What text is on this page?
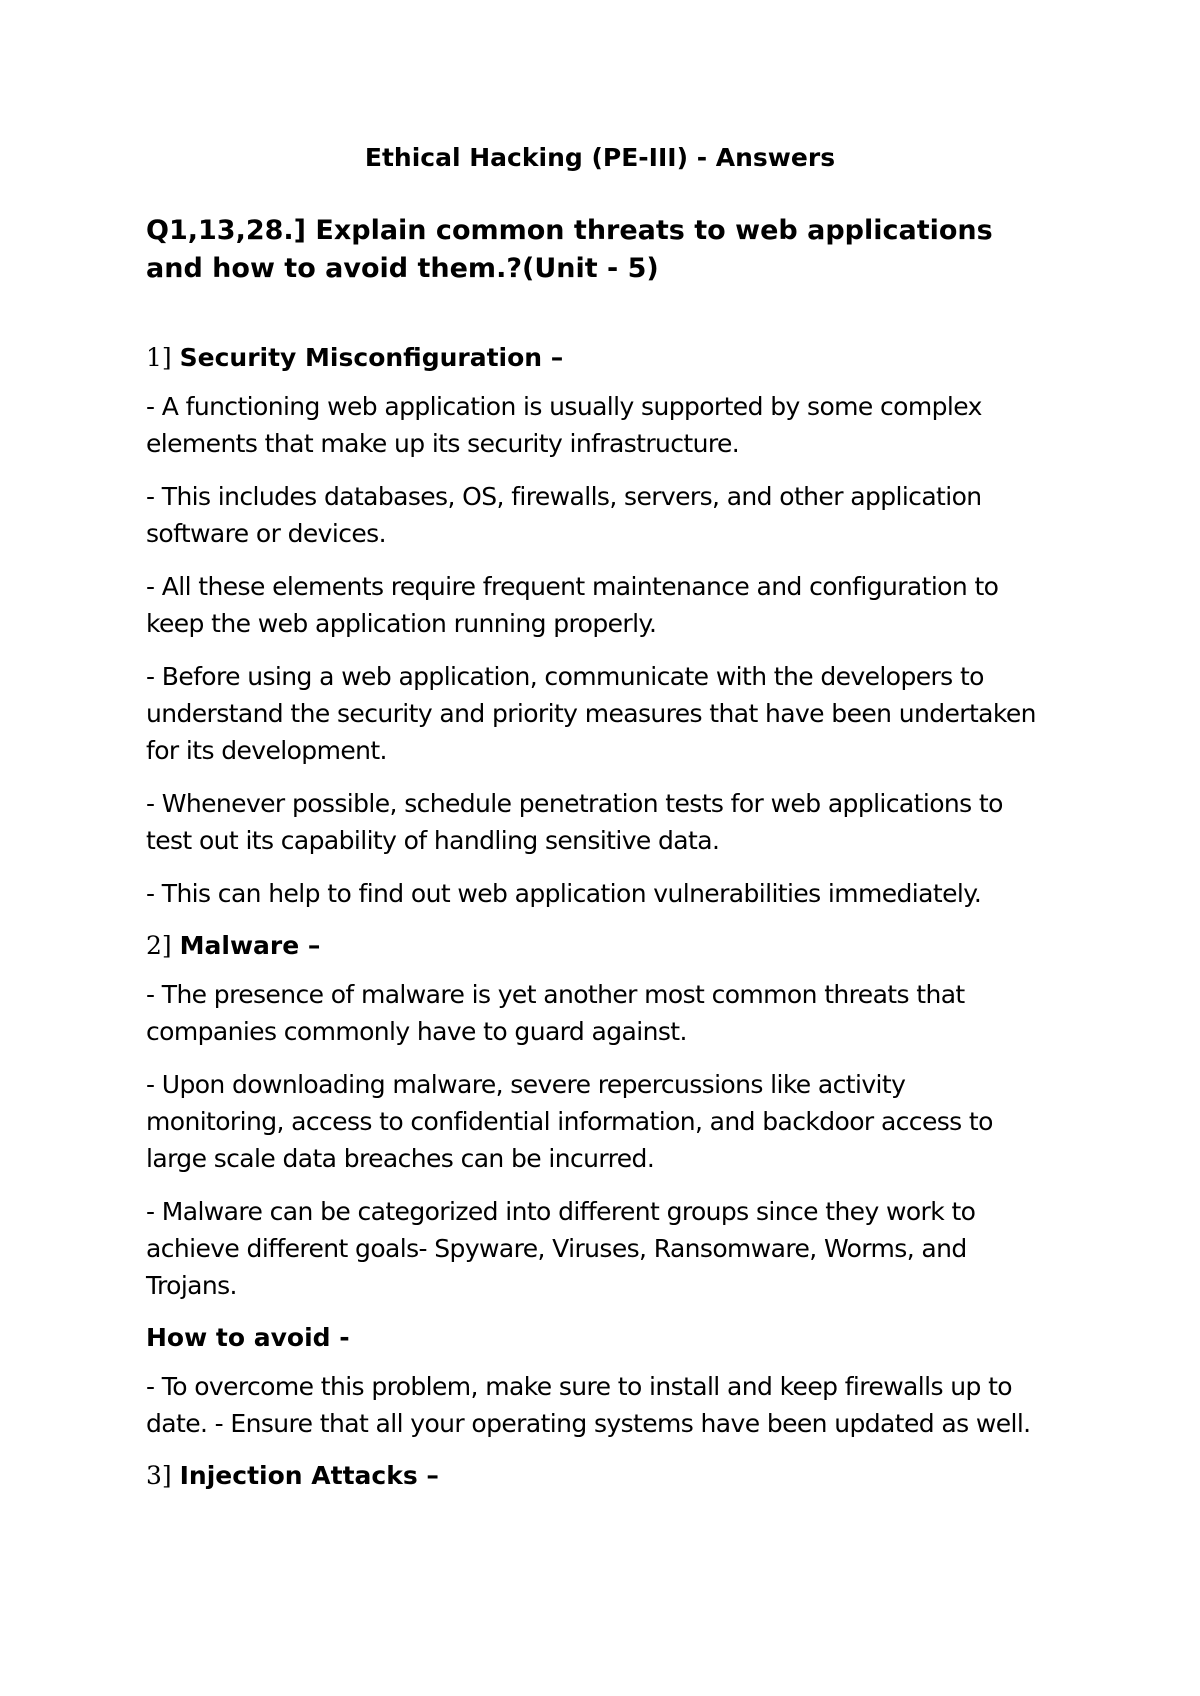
Ethical Hacking (PE-III) - Answers
Q1,13,28.] Explain common threats to web applications and how to avoid them.?(Unit - 5)
1] Security Misconfiguration –

- A functioning web application is usually supported by some complex elements that make up its security infrastructure.

- This includes databases, OS, firewalls, servers, and other application software or devices.

- All these elements require frequent maintenance and configuration to keep the web application running properly.

- Before using a web application, communicate with the developers to understand the security and priority measures that have been undertaken for its development.

- Whenever possible, schedule penetration tests for web applications to test out its capability of handling sensitive data.

- This can help to find out web application vulnerabilities immediately.

2] Malware –

- The presence of malware is yet another most common threats that companies commonly have to guard against.

- Upon downloading malware, severe repercussions like activity monitoring, access to confidential information, and backdoor access to large scale data breaches can be incurred.

- Malware can be categorized into different groups since they work to achieve different goals- Spyware, Viruses, Ransomware, Worms, and Trojans.

How to avoid -

- To overcome this problem, make sure to install and keep firewalls up to date. - Ensure that all your operating systems have been updated as well.

3] Injection Attacks –
